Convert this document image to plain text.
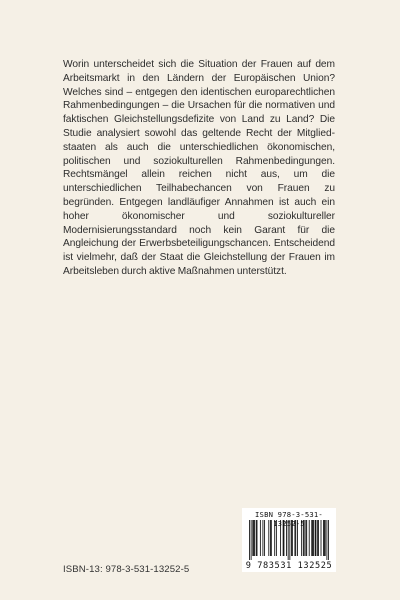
Worin unterscheidet sich die Situation der Frauen auf dem Arbeitsmarkt in den Ländern der Europäischen Union? Welches sind – entgegen den identischen europarechtlichen Rahmenbedingungen – die Ursachen für die normativen und faktischen Gleichstellungsdefizite von Land zu Land? Die Studie analysiert sowohl das geltende Recht der Mitgliedstaaten als auch die unterschiedlichen ökonomischen, politischen und soziokulturellen Rahmenbedingungen. Rechtsmängel allein reichen nicht aus, um die unterschiedlichen Teilhabechancen von Frauen zu begründen. Entgegen landläufiger Annahmen ist auch ein hoher ökonomischer und soziokultureller Modernisierungsstandard noch kein Garant für die Angleichung der Erwerbsbeteiligungschancen. Entscheidend ist vielmehr, daß der Staat die Gleichstellung der Frauen im Arbeitsleben durch aktive Maßnahmen unterstützt.
ISBN 978-3-531-13252-5
9 783531 132525
ISBN-13: 978-3-531-13252-5
